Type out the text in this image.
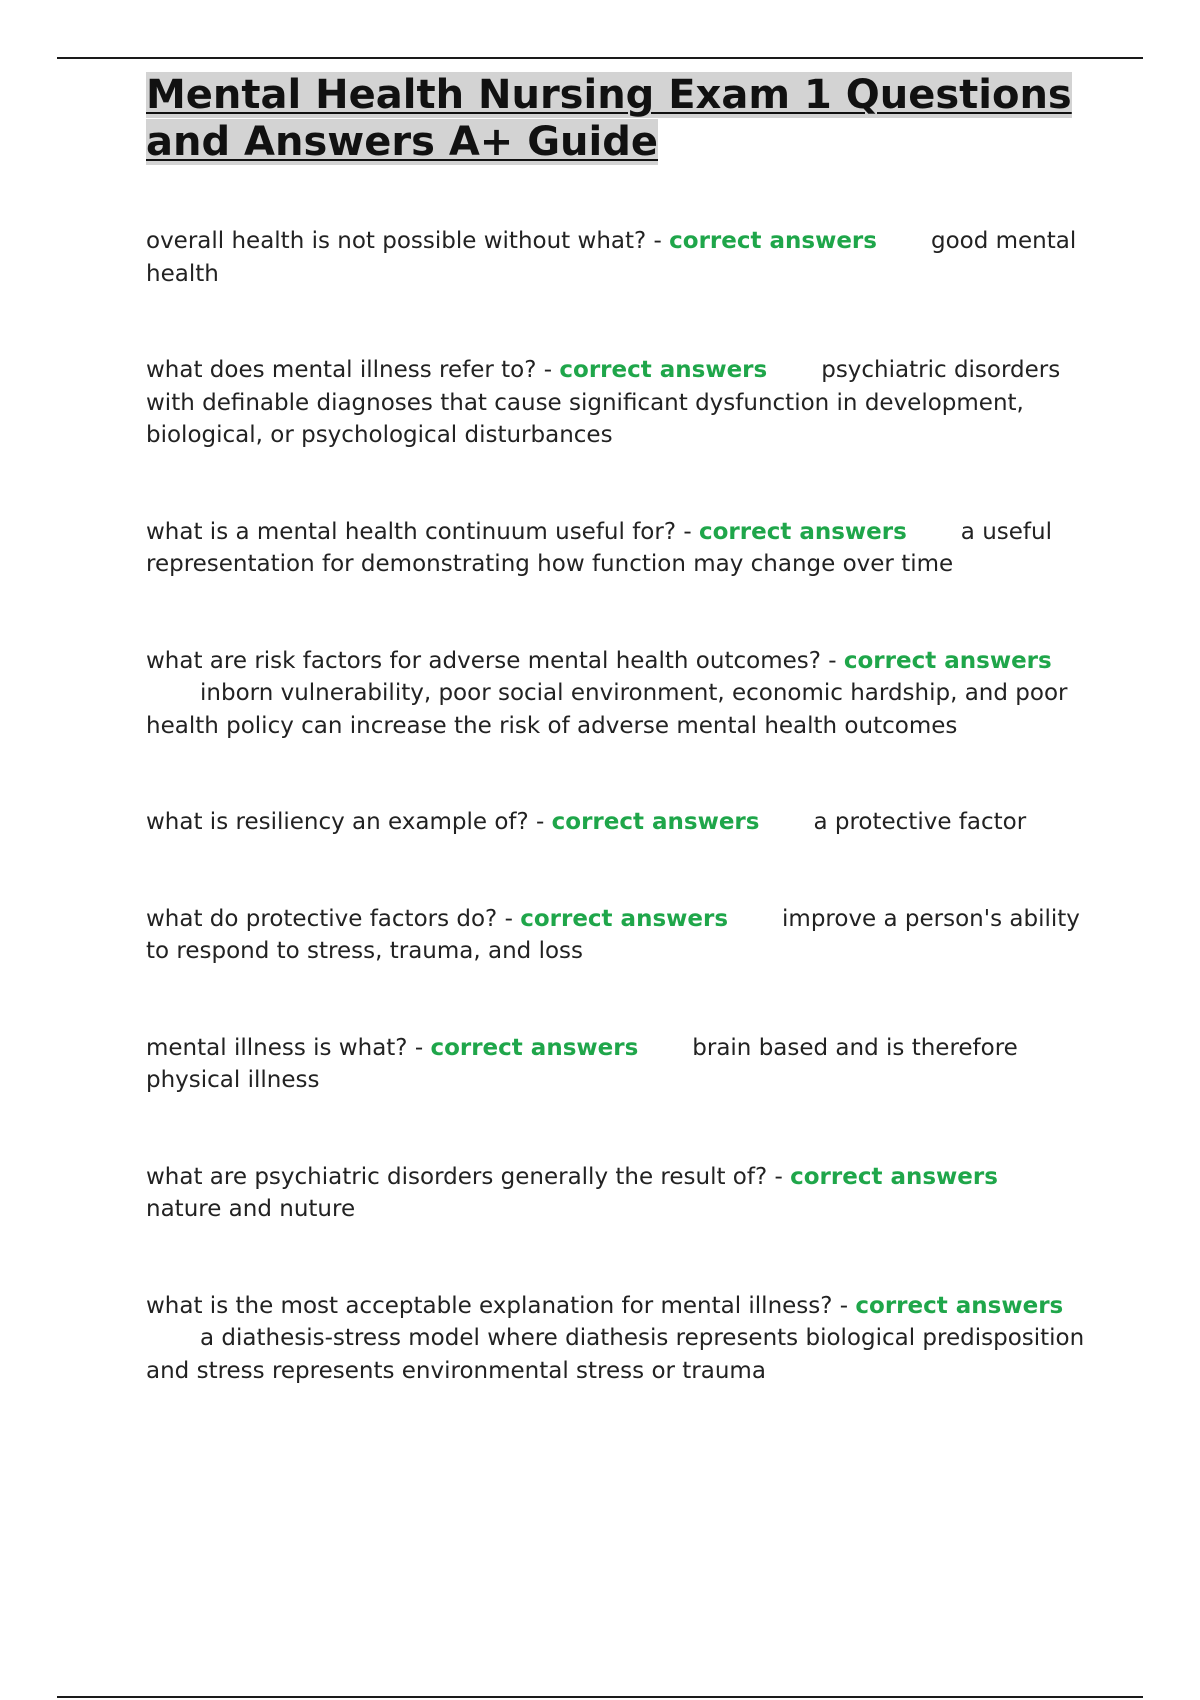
Mental Health Nursing Exam 1 Questions and Answers A+ Guide

overall health is not possible without what? - correct answers good mental health

what does mental illness refer to? - correct answers psychiatric disorders with definable diagnoses that cause significant dysfunction in development, biological, or psychological disturbances

what is a mental health continuum useful for? - correct answers a useful representation for demonstrating how function may change over time

what are risk factors for adverse mental health outcomes? - correct answersinborn vulnerability, poor social environment, economic hardship, and poor health policy can increase the risk of adverse mental health outcomes

what is resiliency an example of? - correct answers a protective factor

what do protective factors do? - correct answers improve a person's ability to respond to stress, trauma, and loss

mental illness is what? - correct answers brain based and is therefore physical illness

what are psychiatric disorders generally the result of? - correct answersnature and nuture

what is the most acceptable explanation for mental illness? - correct answersa diathesis-stress model where diathesis represents biological predisposition and stress represents environmental stress or trauma
